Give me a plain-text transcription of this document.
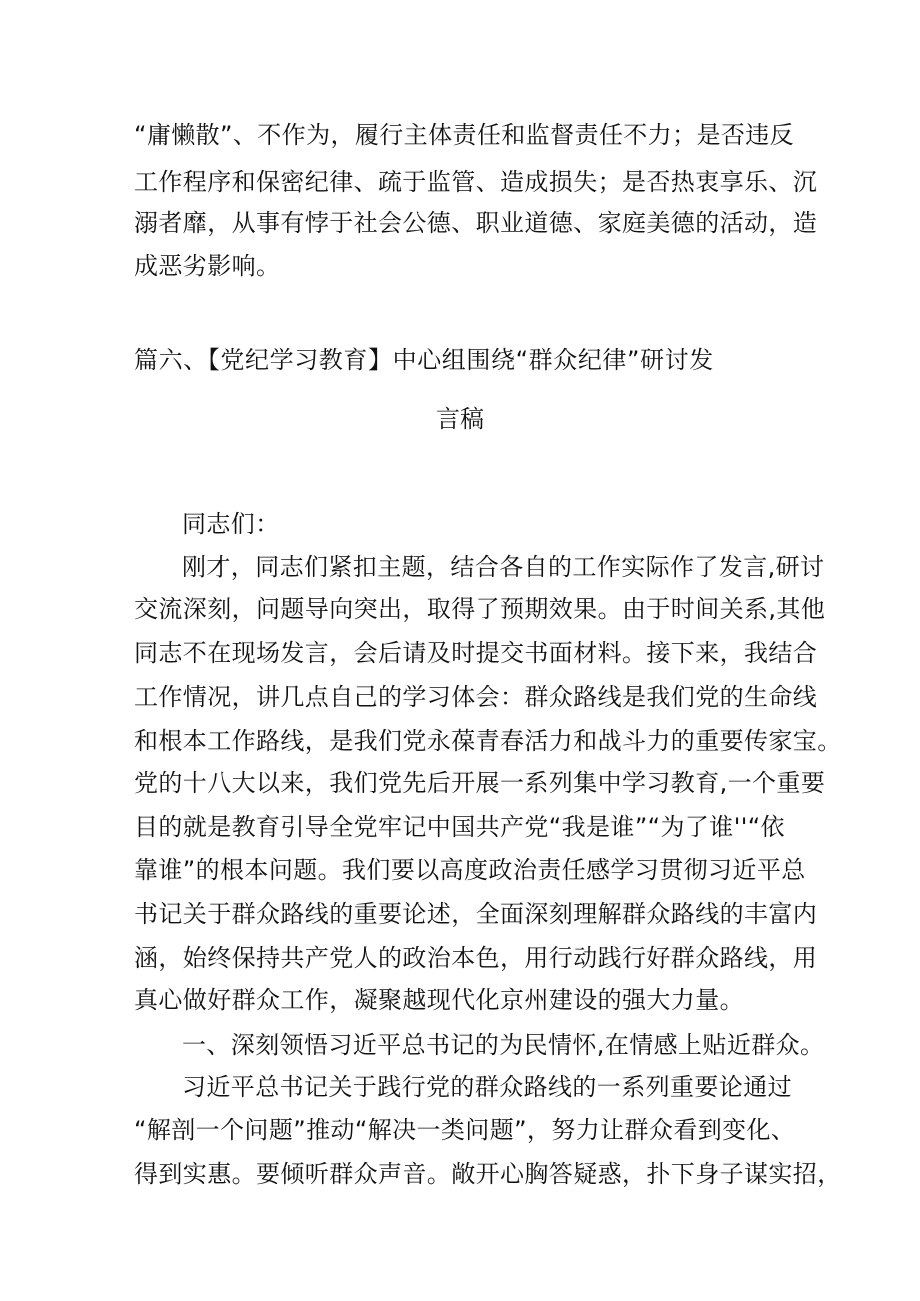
“庸懒散”、不作为，履行主体责任和监督责任不力；是否违反
工作程序和保密纪律、疏于监管、造成损失；是否热衷享乐、沉
溺者靡，从事有悖于社会公德、职业道德、家庭美德的活动，造
成恶劣影响。
篇六、【党纪学习教育】中心组围绕“群众纪律”研讨发
言稿
同志们：
刚才，同志们紧扣主题，结合各自的工作实际作了发言,研讨
交流深刻，问题导向突出，取得了预期效果。由于时间关系,其他
同志不在现场发言，会后请及时提交书面材料。接下来，我结合
工作情况，讲几点自己的学习体会：群众路线是我们党的生命线
和根本工作路线，是我们党永葆青春活力和战斗力的重要传家宝。
党的十八大以来，我们党先后开展一系列集中学习教育,一个重要
目的就是教育引导全党牢记中国共产党“我是谁”“为了谁''“依
靠谁”的根本问题。我们要以高度政治责任感学习贯彻习近平总
书记关于群众路线的重要论述，全面深刻理解群众路线的丰富内
涵，始终保持共产党人的政治本色，用行动践行好群众路线，用
真心做好群众工作，凝聚越现代化京州建设的强大力量。
一、深刻领悟习近平总书记的为民情怀,在情感上贴近群众。
习近平总书记关于践行党的群众路线的一系列重要论通过
“解剖一个问题”推动“解决一类问题”，努力让群众看到变化、
得到实惠。要倾听群众声音。敞开心胸答疑惑，扑下身子谋实招，
